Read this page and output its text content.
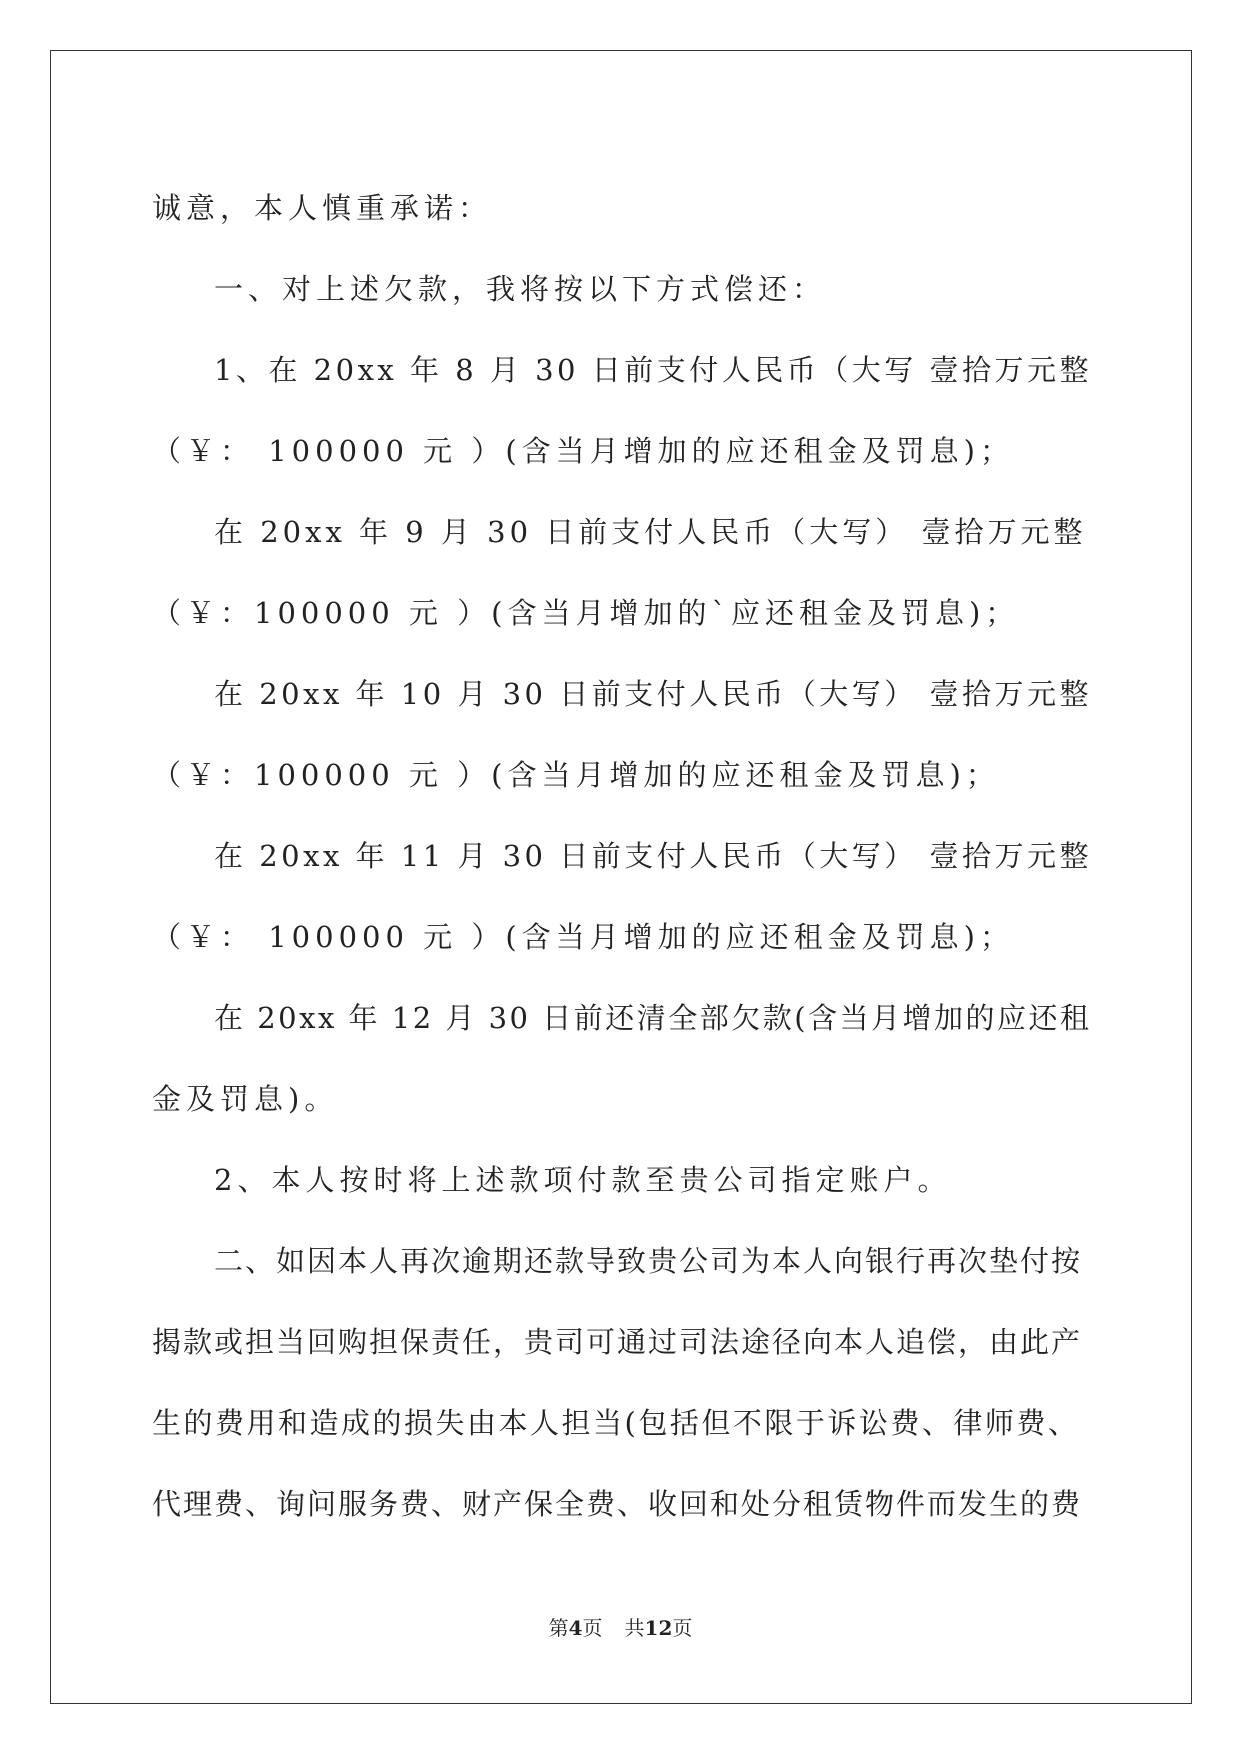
诚意，本人慎重承诺：
一、对上述欠款，我将按以下方式偿还：
1、在 20xx 年 8 月 30 日前支付人民币（大写 壹拾万元整
（￥： 100000 元 ）(含当月增加的应还租金及罚息)；
在 20xx 年 9 月 30 日前支付人民币（大写） 壹拾万元整
（￥：100000 元 ）(含当月增加的`应还租金及罚息)；
在 20xx 年 10 月 30 日前支付人民币（大写） 壹拾万元整
（￥：100000 元 ）(含当月增加的应还租金及罚息)；
在 20xx 年 11 月 30 日前支付人民币（大写） 壹拾万元整
（￥： 100000 元 ）(含当月增加的应还租金及罚息)；
在 20xx 年 12 月 30 日前还清全部欠款(含当月增加的应还租
金及罚息)。
2、本人按时将上述款项付款至贵公司指定账户。
二、如因本人再次逾期还款导致贵公司为本人向银行再次垫付按
揭款或担当回购担保责任，贵司可通过司法途径向本人追偿，由此产
生的费用和造成的损失由本人担当(包括但不限于诉讼费、律师费、
代理费、询问服务费、财产保全费、收回和处分租赁物件而发生的费
第4页 共12页
